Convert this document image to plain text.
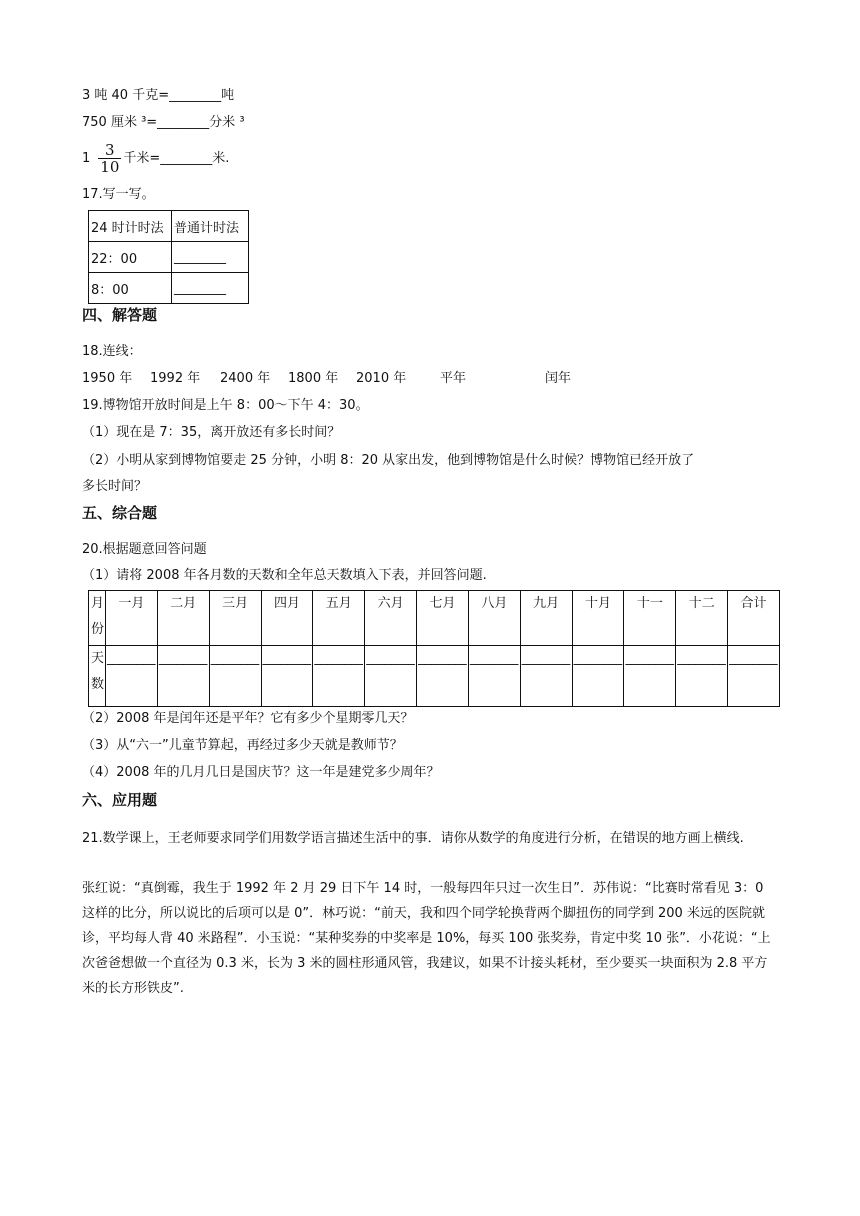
3 吨 40 千克=________吨
750 厘米 ³=________分米 ³
$1 \frac{3}{10}$ 千米=________米.
17.写一写。
24 时计时法	普通计时法
22：00	________
8：00	________
四、解答题
18.连线：
1950 年 1992 年 2400 年 1800 年 2010 年	平年	闰年
19.博物馆开放时间是上午 8：00～下午 4：30。
（1）现在是 7：35，离开放还有多长时间？
（2）小明从家到博物馆要走 25 分钟，小明 8：20 从家出发，他到博物馆是什么时候？博物馆已经开放了
多长时间？
五、综合题
20.根据题意回答问题
（1）请将 2008 年各月数的天数和全年总天数填入下表，并回答问题.
月份	一月	二月	三月	四月	五月	六月	七月	八月	九月	十月	十一	十二	合计
天数	________	________	________	________	________	________	________	________	________	________	________	________	________
（2）2008 年是闰年还是平年？它有多少个星期零几天？
（3）从“六一”儿童节算起，再经过多少天就是教师节？
（4）2008 年的几月几日是国庆节？这一年是建党多少周年？
六、应用题
21.数学课上，王老师要求同学们用数学语言描述生活中的事．请你从数学的角度进行分析，在错误的地方画上横线.
张红说：“真倒霉，我生于 1992 年 2 月 29 日下午 14 时，一般每四年只过一次生日”．苏伟说：“比赛时常看见 3：0 这样的比分，所以说比的后项可以是 0”．林巧说：“前天，我和四个同学轮换背两个脚扭伤的同学到 200 米远的医院就诊，平均每人背 40 米路程”．小玉说：“某种奖券的中奖率是 10%，每买 100 张奖券，肯定中奖 10 张”．小花说：“上次爸爸想做一个直径为 0.3 米，长为 3 米的圆柱形通风管，我建议，如果不计接头耗材，至少要买一块面积为 2.8 平方米的长方形铁皮”.
